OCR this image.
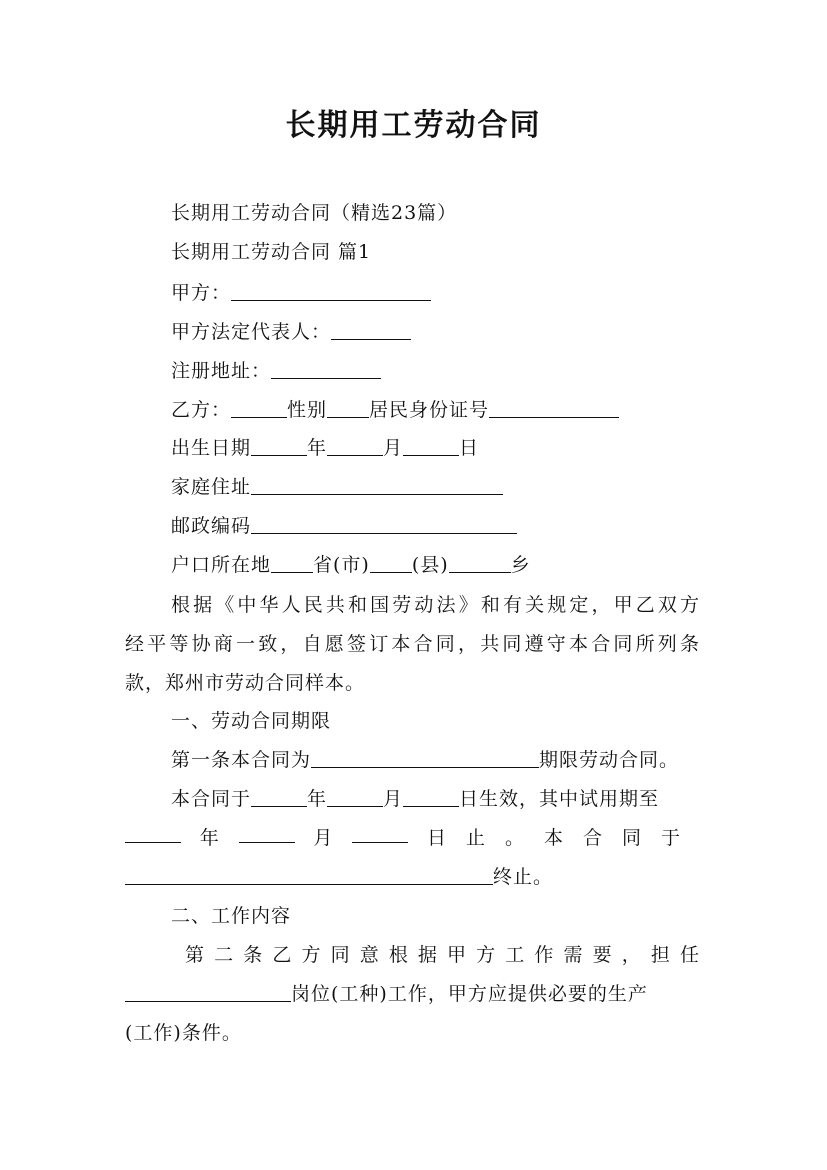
长期用工劳动合同

长期用工劳动合同（精选23篇）

长期用工劳动合同 篇1

甲方：

甲方法定代表人：

注册地址：

乙方：	性别 居民身份证号

出生日期	年	月	日

家庭住址

邮政编码

户口所在地 省(市) (县)	乡

根据《中华人民共和国劳动法》和有关规定，甲乙双方

经平等协商一致，自愿签订本合同，共同遵守本合同所列条

款，郑州市劳动合同样本。

一、劳动合同期限

第一条本合同为	期限劳动合同。

本合同于	年	月	日生效，其中试用期至

年	月	日止。本合同于

终止。

二、工作内容

第二条乙方同意根据甲方工作需要，担任

岗位(工种)工作，甲方应提供必要的生产

(工作)条件。
